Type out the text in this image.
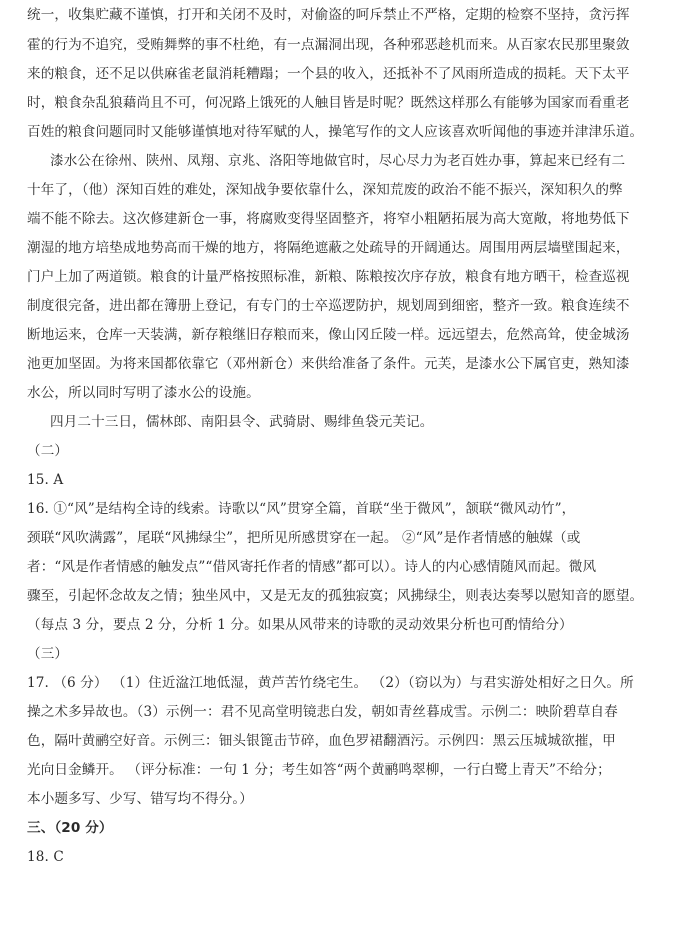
统一，收集贮藏不谨慎，打开和关闭不及时，对偷盗的呵斥禁止不严格，定期的检察不坚持，贪污挥
霍的行为不追究，受贿舞弊的事不杜绝，有一点漏洞出现，各种邪恶趁机而来。从百家农民那里聚敛
来的粮食，还不足以供麻雀老鼠消耗糟蹋；一个县的收入，还抵补不了风雨所造成的损耗。天下太平
时，粮食杂乱狼藉尚且不可，何况路上饿死的人触目皆是时呢？既然这样那么有能够为国家而看重老
百姓的粮食问题同时又能够谨慎地对待军赋的人，操笔写作的文人应该喜欢听闻他的事迹并津津乐道。
漆水公在徐州、陕州、凤翔、京兆、洛阳等地做官时，尽心尽力为老百姓办事，算起来已经有二
十年了，（他）深知百姓的难处，深知战争要依靠什么，深知荒废的政治不能不振兴，深知积久的弊
端不能不除去。这次修建新仓一事，将腐败变得坚固整齐，将窄小粗陋拓展为高大宽敞，将地势低下
潮湿的地方培垫成地势高而干燥的地方，将隔绝遮蔽之处疏导的开阔通达。周围用两层墙壁围起来，
门户上加了两道锁。粮食的计量严格按照标准，新粮、陈粮按次序存放，粮食有地方晒干，检查巡视
制度很完备，进出都在簿册上登记，有专门的士卒巡逻防护，规划周到细密，整齐一致。粮食连续不
断地运来，仓库一天装满，新存粮继旧存粮而来，像山冈丘陵一样。远远望去，危然高耸，使金城汤
池更加坚固。为将来国都依靠它（邓州新仓）来供给准备了条件。元芙，是漆水公下属官吏，熟知漆
水公，所以同时写明了漆水公的设施。
四月二十三日，儒林郎、南阳县令、武骑尉、赐绯鱼袋元芙记。
（二）
15. A
16. ①“风”是结构全诗的线索。诗歌以“风”贯穿全篇，首联“坐于微风”，颔联“微风动竹”，
颈联“风吹满露”，尾联“风拂绿尘”，把所见所感贯穿在一起。 ②“风”是作者情感的触媒（或
者：“风是作者情感的触发点”“借风寄托作者的情感”都可以）。诗人的内心感情随风而起。微风
骤至，引起怀念故友之情；独坐风中，又是无友的孤独寂寞；风拂绿尘，则表达奏琴以慰知音的愿望。
（每点 3 分，要点 2 分，分析 1 分。如果从风带来的诗歌的灵动效果分析也可酌情给分）
（三）
17. （6 分） （1）住近湓江地低湿，黄芦苦竹绕宅生。 （2）（窃以为）与君实游处相好之日久。所
操之术多异故也。（3）示例一：君不见高堂明镜悲白发，朝如青丝暮成雪。示例二：映阶碧草自春
色，隔叶黄鹂空好音。示例三：钿头银篦击节碎，血色罗裙翻酒污。示例四：黑云压城城欲摧，甲
光向日金鳞开。 （评分标准：一句 1 分；考生如答“两个黄鹂鸣翠柳，一行白鹭上青天”不给分；
本小题多写、少写、错写均不得分。）
三、（20 分）
18. C
